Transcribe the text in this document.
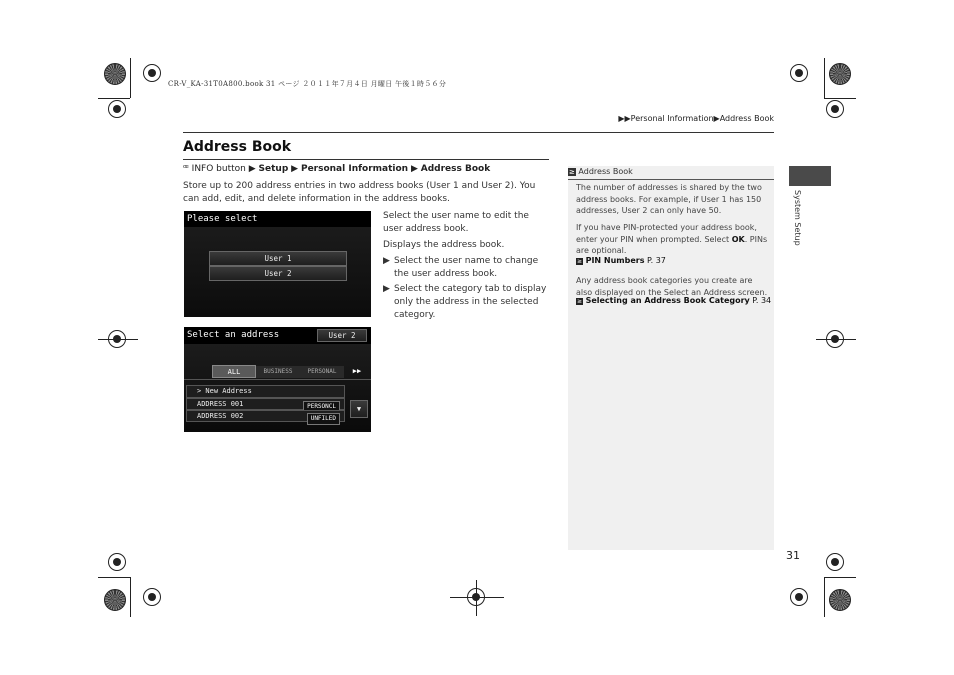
CR-V_KA-31T0A800.book 31 ページ ２０１１年７月４日 月曜日 午後１時５６分
▶▶Personal Information▶Address Book
Address Book
ꟹ INFO button ▶ Setup ▶ Personal Information ▶ Address Book
Store up to 200 address entries in two address books (User 1 and User 2). You can add, edit, and delete information in the address books.
Please select
User 1
User 2
Select the user name to edit the user address book.
Displays the address book.
▶ Select the user name to change the user address book.
▶ Select the category tab to display only the address in the selected category.
Select an address	User 2
ALL	BUSINESS	PERSONAL	▶▶
> New Address
ADDRESS 001	PERSONCL
ADDRESS 002	UNFILED
▼
≥ Address Book
The number of addresses is shared by the two address books. For example, if User 1 has 150 addresses, User 2 can only have 50.
If you have PIN-protected your address book, enter your PIN when prompted. Select OK. PINs are optional.
≥ PIN Numbers P. 37
Any address book categories you create are also displayed on the Select an Address screen.
≥ Selecting an Address Book Category P. 34
System Setup
31
